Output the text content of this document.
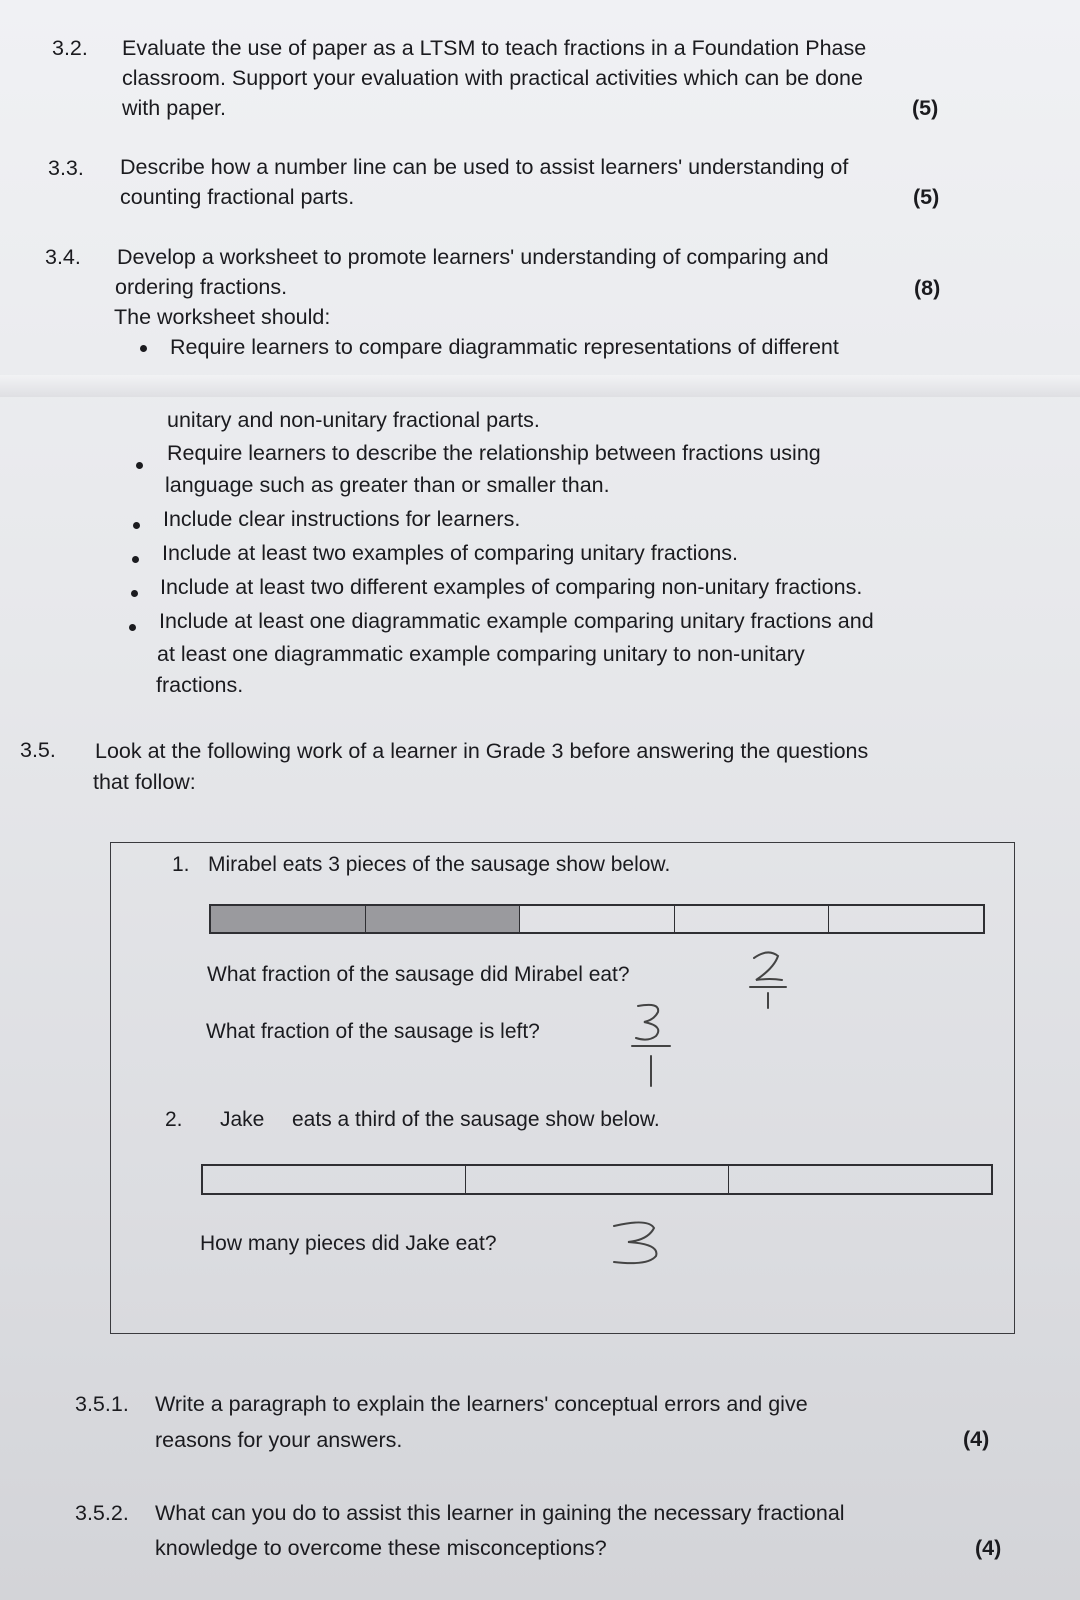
3.2. Evaluate the use of paper as a LTSM to teach fractions in a Foundation Phase
classroom. Support your evaluation with practical activities which can be done
with paper.	(5)
3.3. Describe how a number line can be used to assist learners' understanding of
counting fractional parts.	(5)
3.4. Develop a worksheet to promote learners' understanding of comparing and
ordering fractions.	(8)
The worksheet should:
Require learners to compare diagrammatic representations of different
unitary and non-unitary fractional parts.
Require learners to describe the relationship between fractions using
language such as greater than or smaller than.
Include clear instructions for learners.
Include at least two examples of comparing unitary fractions.
Include at least two different examples of comparing non-unitary fractions.
Include at least one diagrammatic example comparing unitary fractions and
at least one diagrammatic example comparing unitary to non-unitary
fractions.
3.5. Look at the following work of a learner in Grade 3 before answering the questions
that follow:
1. Mirabel eats 3 pieces of the sausage show below.
What fraction of the sausage did Mirabel eat?
What fraction of the sausage is left?
2. Jake eats a third of the sausage show below.
How many pieces did Jake eat?
3.5.1. Write a paragraph to explain the learners' conceptual errors and give
reasons for your answers.	(4)
3.5.2. What can you do to assist this learner in gaining the necessary fractional
knowledge to overcome these misconceptions?	(4)
